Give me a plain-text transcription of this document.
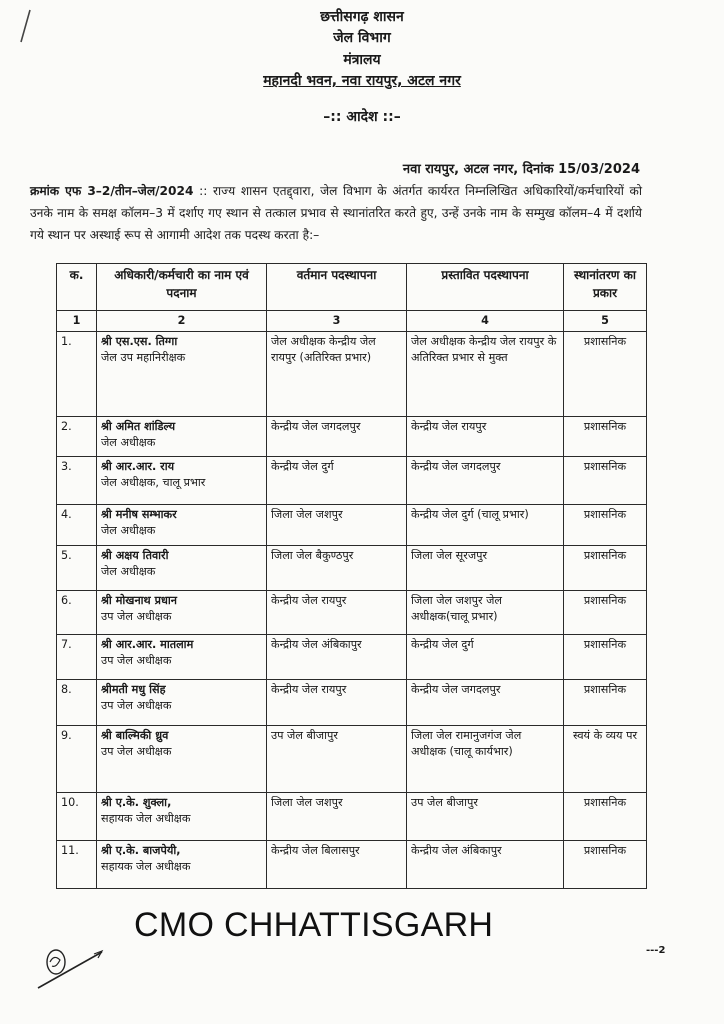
छत्तीसगढ़ शासन
जेल विभाग
मंत्रालय
महानदी भवन, नवा रायपुर, अटल नगर
–:: आदेश ::–
नवा रायपुर, अटल नगर, दिनांक 15/03/2024
क्रमांक एफ 3–2/तीन–जेल/2024 :: राज्य शासन एतद्द्वारा, जेल विभाग के अंतर्गत कार्यरत निम्नलिखित अधिकारियों/कर्मचारियों को उनके नाम के समक्ष कॉलम–3 में दर्शाए गए स्थान से तत्काल प्रभाव से स्थानांतरित करते हुए, उन्हें उनके नाम के सम्मुख कॉलम–4 में दर्शाये गये स्थान पर अस्थाई रूप से आगामी आदेश तक पदस्थ करता है:–
क.	अधिकारी/कर्मचारी का नाम एवं पदनाम	वर्तमान पदस्थापना	प्रस्तावित पदस्थापना	स्थानांतरण का प्रकार
1	2	3	4	5
1.	श्री एस.एस. तिग्गा
जेल उप महानिरीक्षक	जेल अधीक्षक केन्द्रीय जेल रायपुर (अतिरिक्त प्रभार)	जेल अधीक्षक केन्द्रीय जेल रायपुर के अतिरिक्त प्रभार से मुक्त	प्रशासनिक
2.	श्री अमित शांडिल्य
जेल अधीक्षक	केन्द्रीय जेल जगदलपुर	केन्द्रीय जेल रायपुर	प्रशासनिक
3.	श्री आर.आर. राय
जेल अधीक्षक, चालू प्रभार	केन्द्रीय जेल दुर्ग	केन्द्रीय जेल जगदलपुर	प्रशासनिक
4.	श्री मनीष सम्भाकर
जेल अधीक्षक	जिला जेल जशपुर	केन्द्रीय जेल दुर्ग (चालू प्रभार)	प्रशासनिक
5.	श्री अक्षय तिवारी
जेल अधीक्षक	जिला जेल बैकुण्ठपुर	जिला जेल सूरजपुर	प्रशासनिक
6.	श्री मोखनाथ प्रधान
उप जेल अधीक्षक	केन्द्रीय जेल रायपुर	जिला जेल जशपुर जेल अधीक्षक(चालू प्रभार)	प्रशासनिक
7.	श्री आर.आर. मातलाम
उप जेल अधीक्षक	केन्द्रीय जेल अंबिकापुर	केन्द्रीय जेल दुर्ग	प्रशासनिक
8.	श्रीमती मधु सिंह
उप जेल अधीक्षक	केन्द्रीय जेल रायपुर	केन्द्रीय जेल जगदलपुर	प्रशासनिक
9.	श्री बाल्मिकी ध्रुव
उप जेल अधीक्षक	उप जेल बीजापुर	जिला जेल रामानुजगंज जेल अधीक्षक (चालू कार्यभार)	स्वयं के व्यय पर
10.	श्री ए.के. शुक्ला,
सहायक जेल अधीक्षक	जिला जेल जशपुर	उप जेल बीजापुर	प्रशासनिक
11.	श्री ए.के. बाजपेयी,
सहायक जेल अधीक्षक	केन्द्रीय जेल बिलासपुर	केन्द्रीय जेल अंबिकापुर	प्रशासनिक
CMO CHHATTISGARH
---2
